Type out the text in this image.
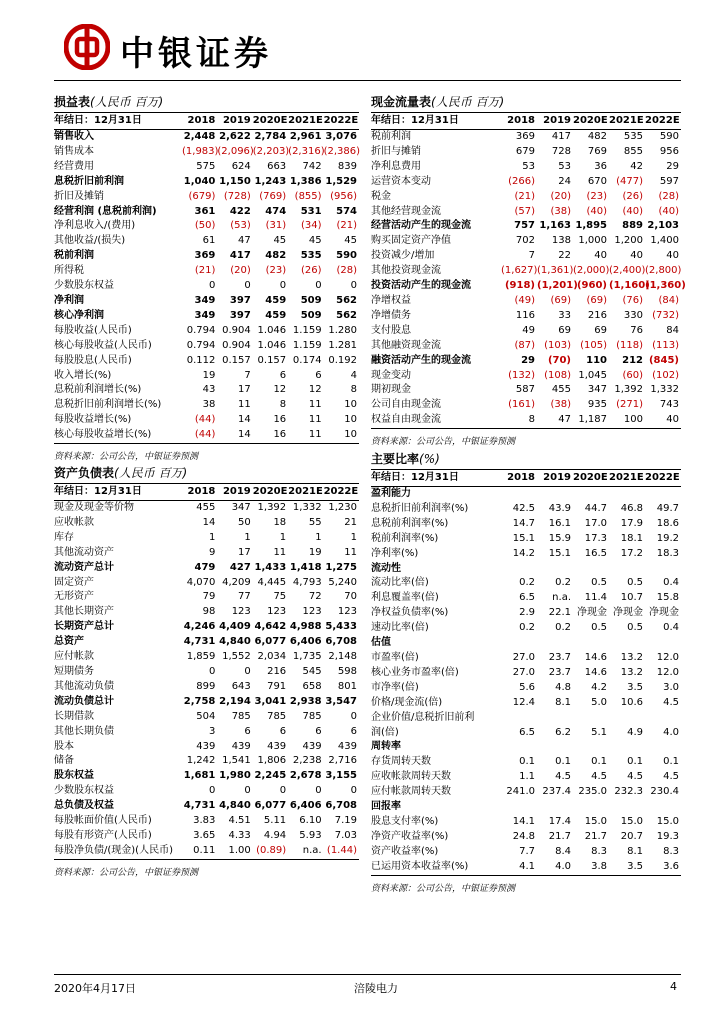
中银证券
损益表(人民币 百万)
年结日：12月31日	2018	2019	2020E	2021E	2022E
销售收入	2,448	2,622	2,784	2,961	3,076
销售成本	(1,983)	(2,096)	(2,203)	(2,316)	(2,386)
经营费用	575	624	663	742	839
息税折旧前利润	1,040	1,150	1,243	1,386	1,529
折旧及摊销	(679)	(728)	(769)	(855)	(956)
经营利润 (息税前利润)	361	422	474	531	574
净利息收入/(费用)	(50)	(53)	(31)	(34)	(21)
其他收益/(损失)	61	47	45	45	45
税前利润	369	417	482	535	590
所得税	(21)	(20)	(23)	(26)	(28)
少数股东权益	0	0	0	0	0
净利润	349	397	459	509	562
核心净利润	349	397	459	509	562
每股收益(人民币)	0.794	0.904	1.046	1.159	1.280
核心每股收益(人民币)	0.794	0.904	1.046	1.159	1.281
每股股息(人民币)	0.112	0.157	0.157	0.174	0.192
收入增长(%)	19	7	6	6	4
息税前利润增长(%)	43	17	12	12	8
息税折旧前利润增长(%)	38	11	8	11	10
每股收益增长(%)	(44)	14	16	11	10
核心每股收益增长(%)	(44)	14	16	11	10
资料来源：公司公告，中银证券预测
现金流量表(人民币 百万)
年结日：12月31日	2018	2019	2020E	2021E	2022E
税前利润	369	417	482	535	590
折旧与摊销	679	728	769	855	956
净利息费用	53	53	36	42	29
运营资本变动	(266)	24	670	(477)	597
税金	(21)	(20)	(23)	(26)	(28)
其他经营现金流	(57)	(38)	(40)	(40)	(40)
经营活动产生的现金流	757	1,163	1,895	889	2,103
购买固定资产净值	702	138	1,000	1,200	1,400
投资减少/增加	7	22	40	40	40
其他投资现金流	(1,627)	(1,361)	(2,000)	(2,400)	(2,800)
投资活动产生的现金流	(918)	(1,201)	(960)	(1,160)	(1,360)
净增权益	(49)	(69)	(69)	(76)	(84)
净增债务	116	33	216	330	(732)
支付股息	49	69	69	76	84
其他融资现金流	(87)	(103)	(105)	(118)	(113)
融资活动产生的现金流	29	(70)	110	212	(845)
现金变动	(132)	(108)	1,045	(60)	(102)
期初现金	587	455	347	1,392	1,332
公司自由现金流	(161)	(38)	935	(271)	743
权益自由现金流	8	47	1,187	100	40
资料来源：公司公告，中银证券预测
资产负债表(人民币 百万)
年结日：12月31日	2018	2019	2020E	2021E	2022E
现金及现金等价物	455	347	1,392	1,332	1,230
应收帐款	14	50	18	55	21
库存	1	1	1	1	1
其他流动资产	9	17	11	19	11
流动资产总计	479	427	1,433	1,418	1,275
固定资产	4,070	4,209	4,445	4,793	5,240
无形资产	79	77	75	72	70
其他长期资产	98	123	123	123	123
长期资产总计	4,246	4,409	4,642	4,988	5,433
总资产	4,731	4,840	6,077	6,406	6,708
应付帐款	1,859	1,552	2,034	1,735	2,148
短期债务	0	0	216	545	598
其他流动负债	899	643	791	658	801
流动负债总计	2,758	2,194	3,041	2,938	3,547
长期借款	504	785	785	785	0
其他长期负债	3	6	6	6	6
股本	439	439	439	439	439
储备	1,242	1,541	1,806	2,238	2,716
股东权益	1,681	1,980	2,245	2,678	3,155
少数股东权益	0	0	0	0	0
总负债及权益	4,731	4,840	6,077	6,406	6,708
每股帐面价值(人民币)	3.83	4.51	5.11	6.10	7.19
每股有形资产(人民币)	3.65	4.33	4.94	5.93	7.03
每股净负债/(现金)(人民币)	0.11	1.00	(0.89)	n.a.	(1.44)
资料来源：公司公告，中银证券预测
主要比率(%)
年结日：12月31日	2018	2019	2020E	2021E	2022E
盈利能力					
息税折旧前利润率(%)	42.5	43.9	44.7	46.8	49.7
息税前利润率(%)	14.7	16.1	17.0	17.9	18.6
税前利润率(%)	15.1	15.9	17.3	18.1	19.2
净利率(%)	14.2	15.1	16.5	17.2	18.3
流动性					
流动比率(倍)	0.2	0.2	0.5	0.5	0.4
利息覆盖率(倍)	6.5	n.a.	11.4	10.7	15.8
净权益负债率(%)	2.9	22.1	净现金	净现金	净现金
速动比率(倍)	0.2	0.2	0.5	0.5	0.4
估值					
市盈率(倍)	27.0	23.7	14.6	13.2	12.0
核心业务市盈率(倍)	27.0	23.7	14.6	13.2	12.0
市净率(倍)	5.6	4.8	4.2	3.5	3.0
价格/现金流(倍)	12.4	8.1	5.0	10.6	4.5
企业价值/息税折旧前利					
润(倍)	6.5	6.2	5.1	4.9	4.0
周转率					
存货周转天数	0.1	0.1	0.1	0.1	0.1
应收帐款周转天数	1.1	4.5	4.5	4.5	4.5
应付帐款周转天数	241.0	237.4	235.0	232.3	230.4
回报率					
股息支付率(%)	14.1	17.4	15.0	15.0	15.0
净资产收益率(%)	24.8	21.7	21.7	20.7	19.3
资产收益率(%)	7.7	8.4	8.3	8.1	8.3
已运用资本收益率(%)	4.1	4.0	3.8	3.5	3.6
资料来源：公司公告，中银证券预测
2020年4月17日	涪陵电力	4
